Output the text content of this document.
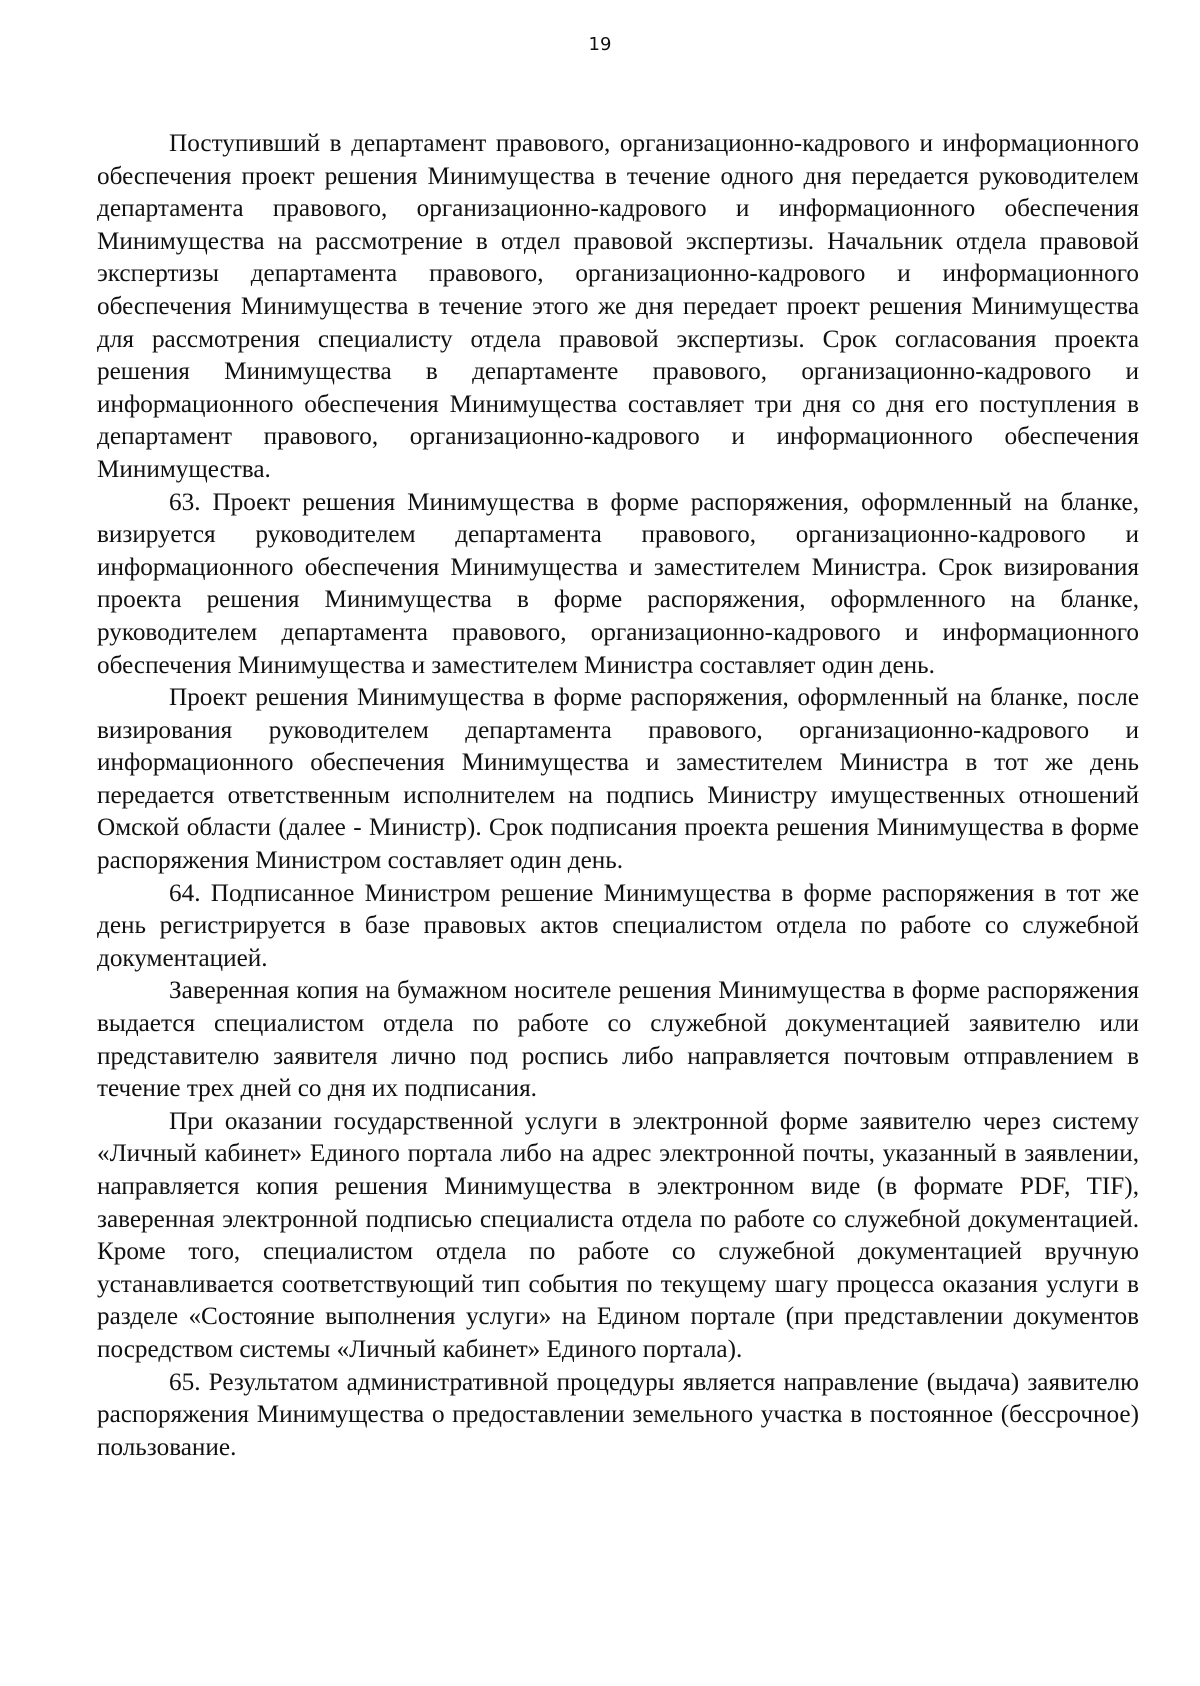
19

Поступивший в департамент правового, организационно-кадрового и информационного обеспечения проект решения Минимущества в течение одного дня передается руководителем департамента правового, организационно-кадрового и информационного обеспечения Минимущества на рассмотрение в отдел правовой экспертизы. Начальник отдела правовой экспертизы департамента правового, организационно-кадрового и информационного обеспечения Минимущества в течение этого же дня передает проект решения Минимущества для рассмотрения специалисту отдела правовой экспертизы. Срок согласования проекта решения Минимущества в департаменте правового, организационно-кадрового и информационного обеспечения Минимущества составляет три дня со дня его поступления в департамент правового, организационно-кадрового и информационного обеспечения Минимущества.

63. Проект решения Минимущества в форме распоряжения, оформленный на бланке, визируется руководителем департамента правового, организационно-кадрового и информационного обеспечения Минимущества и заместителем Министра. Срок визирования проекта решения Минимущества в форме распоряжения, оформленного на бланке, руководителем департамента правового, организационно-кадрового и информационного обеспечения Минимущества и заместителем Министра составляет один день.

Проект решения Минимущества в форме распоряжения, оформленный на бланке, после визирования руководителем департамента правового, организационно-кадрового и информационного обеспечения Минимущества и заместителем Министра в тот же день передается ответственным исполнителем на подпись Министру имущественных отношений Омской области (далее - Министр). Срок подписания проекта решения Минимущества в форме распоряжения Министром составляет один день.

64. Подписанное Министром решение Минимущества в форме распоряжения в тот же день регистрируется в базе правовых актов специалистом отдела по работе со служебной документацией.

Заверенная копия на бумажном носителе решения Минимущества в форме распоряжения выдается специалистом отдела по работе со служебной документацией заявителю или представителю заявителя лично под роспись либо направляется почтовым отправлением в течение трех дней со дня их подписания.

При оказании государственной услуги в электронной форме заявителю через систему «Личный кабинет» Единого портала либо на адрес электронной почты, указанный в заявлении, направляется копия решения Минимущества в электронном виде (в формате PDF, TIF), заверенная электронной подписью специалиста отдела по работе со служебной документацией. Кроме того, специалистом отдела по работе со служебной документацией вручную устанавливается соответствующий тип события по текущему шагу процесса оказания услуги в разделе «Состояние выполнения услуги» на Едином портале (при представлении документов посредством системы «Личный кабинет» Единого портала).

65. Результатом административной процедуры является направление (выдача) заявителю распоряжения Минимущества о предоставлении земельного участка в постоянное (бессрочное) пользование.
